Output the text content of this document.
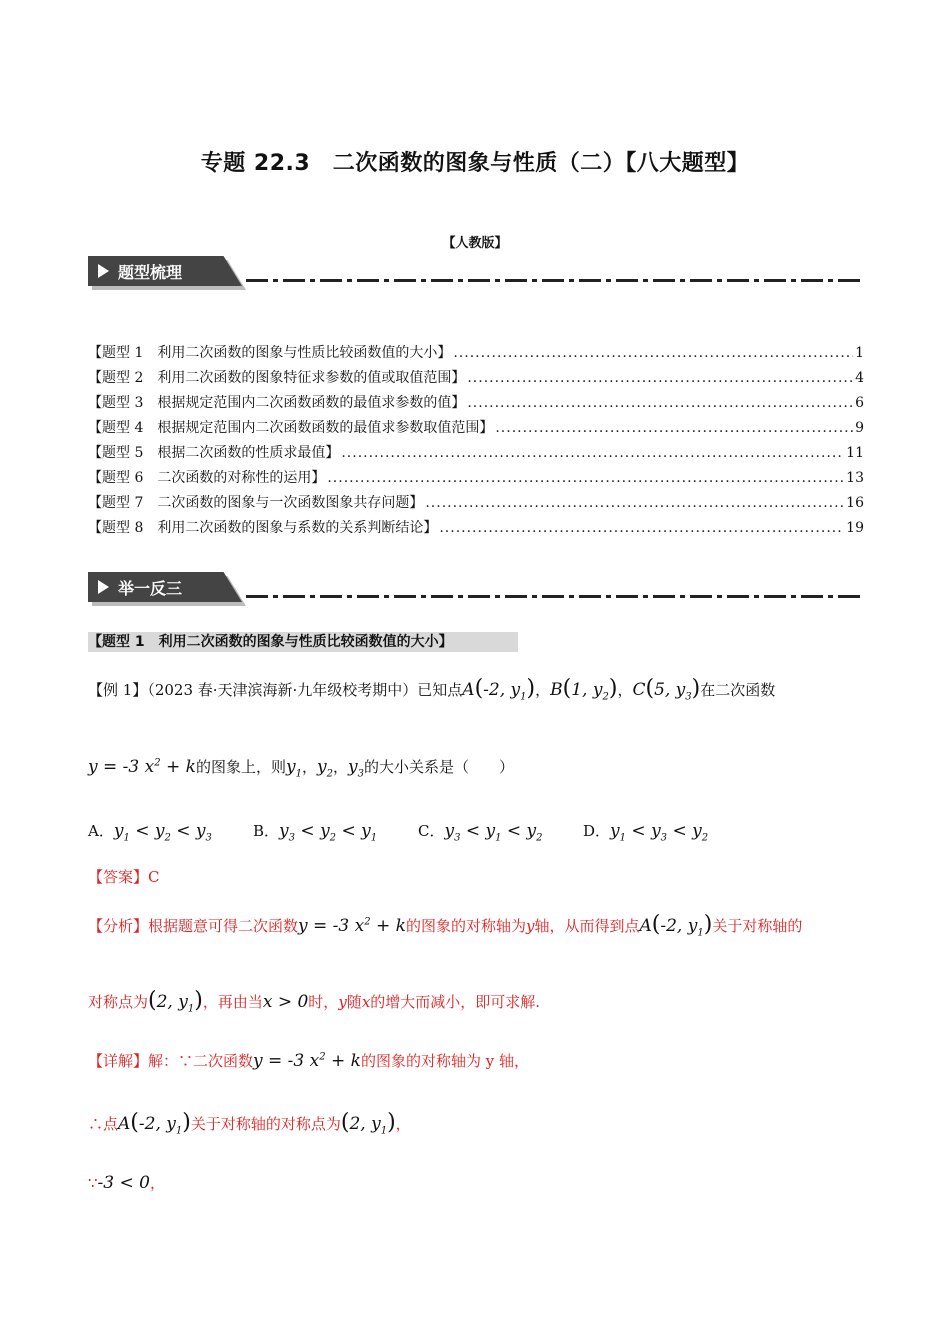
专题 22.3　二次函数的图象与性质（二）【八大题型】
【人教版】
题型梳理
【题型 1　利用二次函数的图象与性质比较函数值的大小】 .....	1
【题型 2　利用二次函数的图象特征求参数的值或取值范围】 .....	4
【题型 3　根据规定范围内二次函数函数的最值求参数的值】 .....	6
【题型 4　根据规定范围内二次函数函数的最值求参数取值范围】 .....	9
【题型 5　根据二次函数的性质求最值】 .....	11
【题型 6　二次函数的对称性的运用】 .....	13
【题型 7　二次函数的图象与一次函数图象共存问题】 .....	16
【题型 8　利用二次函数的图象与系数的关系判断结论】 .....	19
举一反三
【题型 1　利用二次函数的图象与性质比较函数值的大小】
【例 1】（2023 春·天津滨海新·九年级校考期中）已知点A(-2, $y_1$)，B(1, $y_2$)，C(5, $y_3$)在二次函数
y = -3 $x^2 + k$的图象上，则$y_1$，$y_2$，$y_3$的大小关系是（　　）
A．$y_1 < y_2 < y_3$	B．$y_3 < y_2 < y_1$	C．$y_3 < y_1 < y_2$	D．$y_1 < y_3 < y_2$
【答案】C
【分析】根据题意可得二次函数y = -3 $x^2 + k$的图象的对称轴为y轴，从而得到点A(-2, $y_1$)关于对称轴的
对称点为(2, $y_1$)，再由当x > 0时，y随x的增大而减小，即可求解.
【详解】解：∵二次函数y = -3 $x^2 + k$的图象的对称轴为 y 轴，
∴点A(-2, $y_1$)关于对称轴的对称点为(2, $y_1$)，
∵-3 < 0，
